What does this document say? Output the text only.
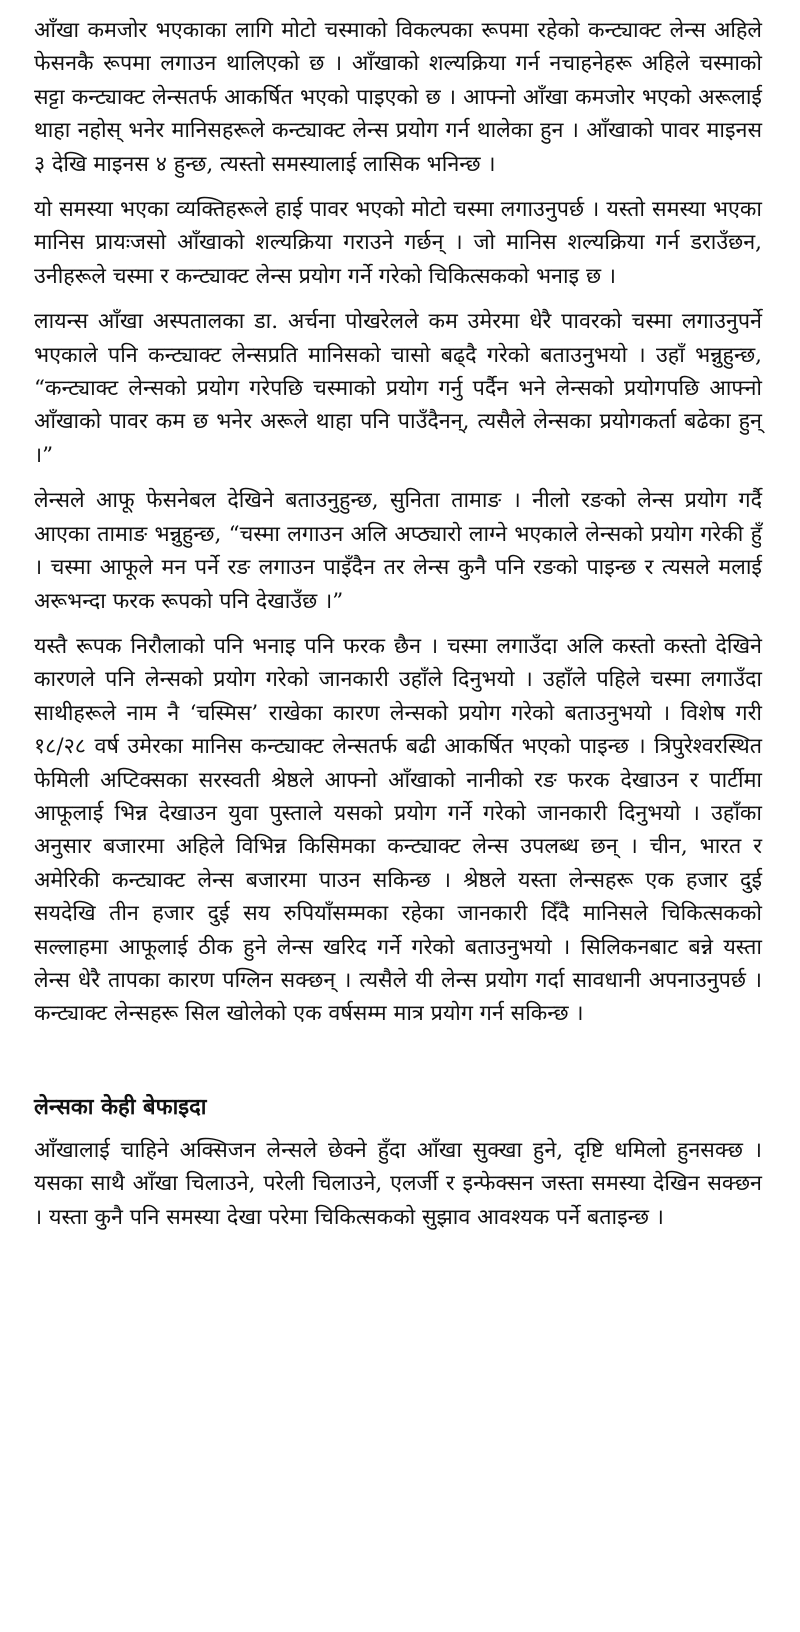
आँखा कमजोर भएकाका लागि मोटो चस्माको विकल्पका रूपमा रहेको कन्ट्याक्ट लेन्स अहिले फेसनकै रूपमा लगाउन थालिएको छ । आँखाको शल्यक्रिया गर्न नचाहनेहरू अहिले चस्माको सट्टा कन्ट्याक्ट लेन्सतर्फ आकर्षित भएको पाइएको छ । आफ्नो आँखा कमजोर भएको अरूलाई थाहा नहोस् भनेर मानिसहरूले कन्ट्याक्ट लेन्स प्रयोग गर्न थालेका हुन । आँखाको पावर माइनस ३ देखि माइनस ४ हुन्छ, त्यस्तो समस्यालाई लासिक भनिन्छ ।

यो समस्या भएका व्यक्तिहरूले हाई पावर भएको मोटो चस्मा लगाउनुपर्छ । यस्तो समस्या भएका मानिस प्रायःजसो आँखाको शल्यक्रिया गराउने गर्छन् । जो मानिस शल्यक्रिया गर्न डराउँछन, उनीहरूले चस्मा र कन्ट्याक्ट लेन्स प्रयोग गर्ने गरेको चिकित्सकको भनाइ छ ।

लायन्स आँखा अस्पतालका डा. अर्चना पोखरेलले कम उमेरमा धेरै पावरको चस्मा लगाउनुपर्ने भएकाले पनि कन्ट्याक्ट लेन्सप्रति मानिसको चासो बढ्दै गरेको बताउनुभयो । उहाँ भन्नुहुन्छ, “कन्ट्याक्ट लेन्सको प्रयोग गरेपछि चस्माको प्रयोग गर्नु पर्दैन भने लेन्सको प्रयोगपछि आफ्नो आँखाको पावर कम छ भनेर अरूले थाहा पनि पाउँदैनन्, त्यसैले लेन्सका प्रयोगकर्ता बढेका हुन् ।”

लेन्सले आफू फेसनेबल देखिने बताउनुहुन्छ, सुनिता तामाङ । नीलो रङको लेन्स प्रयोग गर्दै आएका तामाङ भन्नुहुन्छ, “चस्मा लगाउन अलि अप्ठ्यारो लाग्ने भएकाले लेन्सको प्रयोग गरेकी हुँ । चस्मा आफूले मन पर्ने रङ लगाउन पाइँदैन तर लेन्स कुनै पनि रङको पाइन्छ र त्यसले मलाई अरूभन्दा फरक रूपको पनि देखाउँछ ।”

यस्तै रूपक निरौलाको पनि भनाइ पनि फरक छैन । चस्मा लगाउँदा अलि कस्तो कस्तो देखिने कारणले पनि लेन्सको प्रयोग गरेको जानकारी उहाँले दिनुभयो । उहाँले पहिले चस्मा लगाउँदा साथीहरूले नाम नै ‘चस्मिस’ राखेका कारण लेन्सको प्रयोग गरेको बताउनुभयो । विशेष गरी १८/२८ वर्ष उमेरका मानिस कन्ट्याक्ट लेन्सतर्फ बढी आकर्षित भएको पाइन्छ । त्रिपुरेश्वरस्थित फेमिली अप्टिक्सका सरस्वती श्रेष्ठले आफ्नो आँखाको नानीको रङ फरक देखाउन र पार्टीमा आफूलाई भिन्न देखाउन युवा पुस्ताले यसको प्रयोग गर्ने गरेको जानकारी दिनुभयो । उहाँका अनुसार बजारमा अहिले विभिन्न किसिमका कन्ट्याक्ट लेन्स उपलब्ध छन् । चीन, भारत र अमेरिकी कन्ट्याक्ट लेन्स बजारमा पाउन सकिन्छ । श्रेष्ठले यस्ता लेन्सहरू एक हजार दुई सयदेखि तीन हजार दुई सय रुपियाँसम्मका रहेका जानकारी दिँदै मानिसले चिकित्सकको सल्लाहमा आफूलाई ठीक हुने लेन्स खरिद गर्ने गरेको बताउनुभयो । सिलिकनबाट बन्ने यस्ता लेन्स धेरै तापका कारण पग्लिन सक्छन् । त्यसैले यी लेन्स प्रयोग गर्दा सावधानी अपनाउनुपर्छ । कन्ट्याक्ट लेन्सहरू सिल खोलेको एक वर्षसम्म मात्र प्रयोग गर्न सकिन्छ ।

लेन्सका केही बेफाइदा

आँखालाई चाहिने अक्सिजन लेन्सले छेक्ने हुँदा आँखा सुक्खा हुने, दृष्टि धमिलो हुनसक्छ । यसका साथै आँखा चिलाउने, परेली चिलाउने, एलर्जी र इन्फेक्सन जस्ता समस्या देखिन सक्छन । यस्ता कुनै पनि समस्या देखा परेमा चिकित्सकको सुझाव आवश्यक पर्ने बताइन्छ ।
